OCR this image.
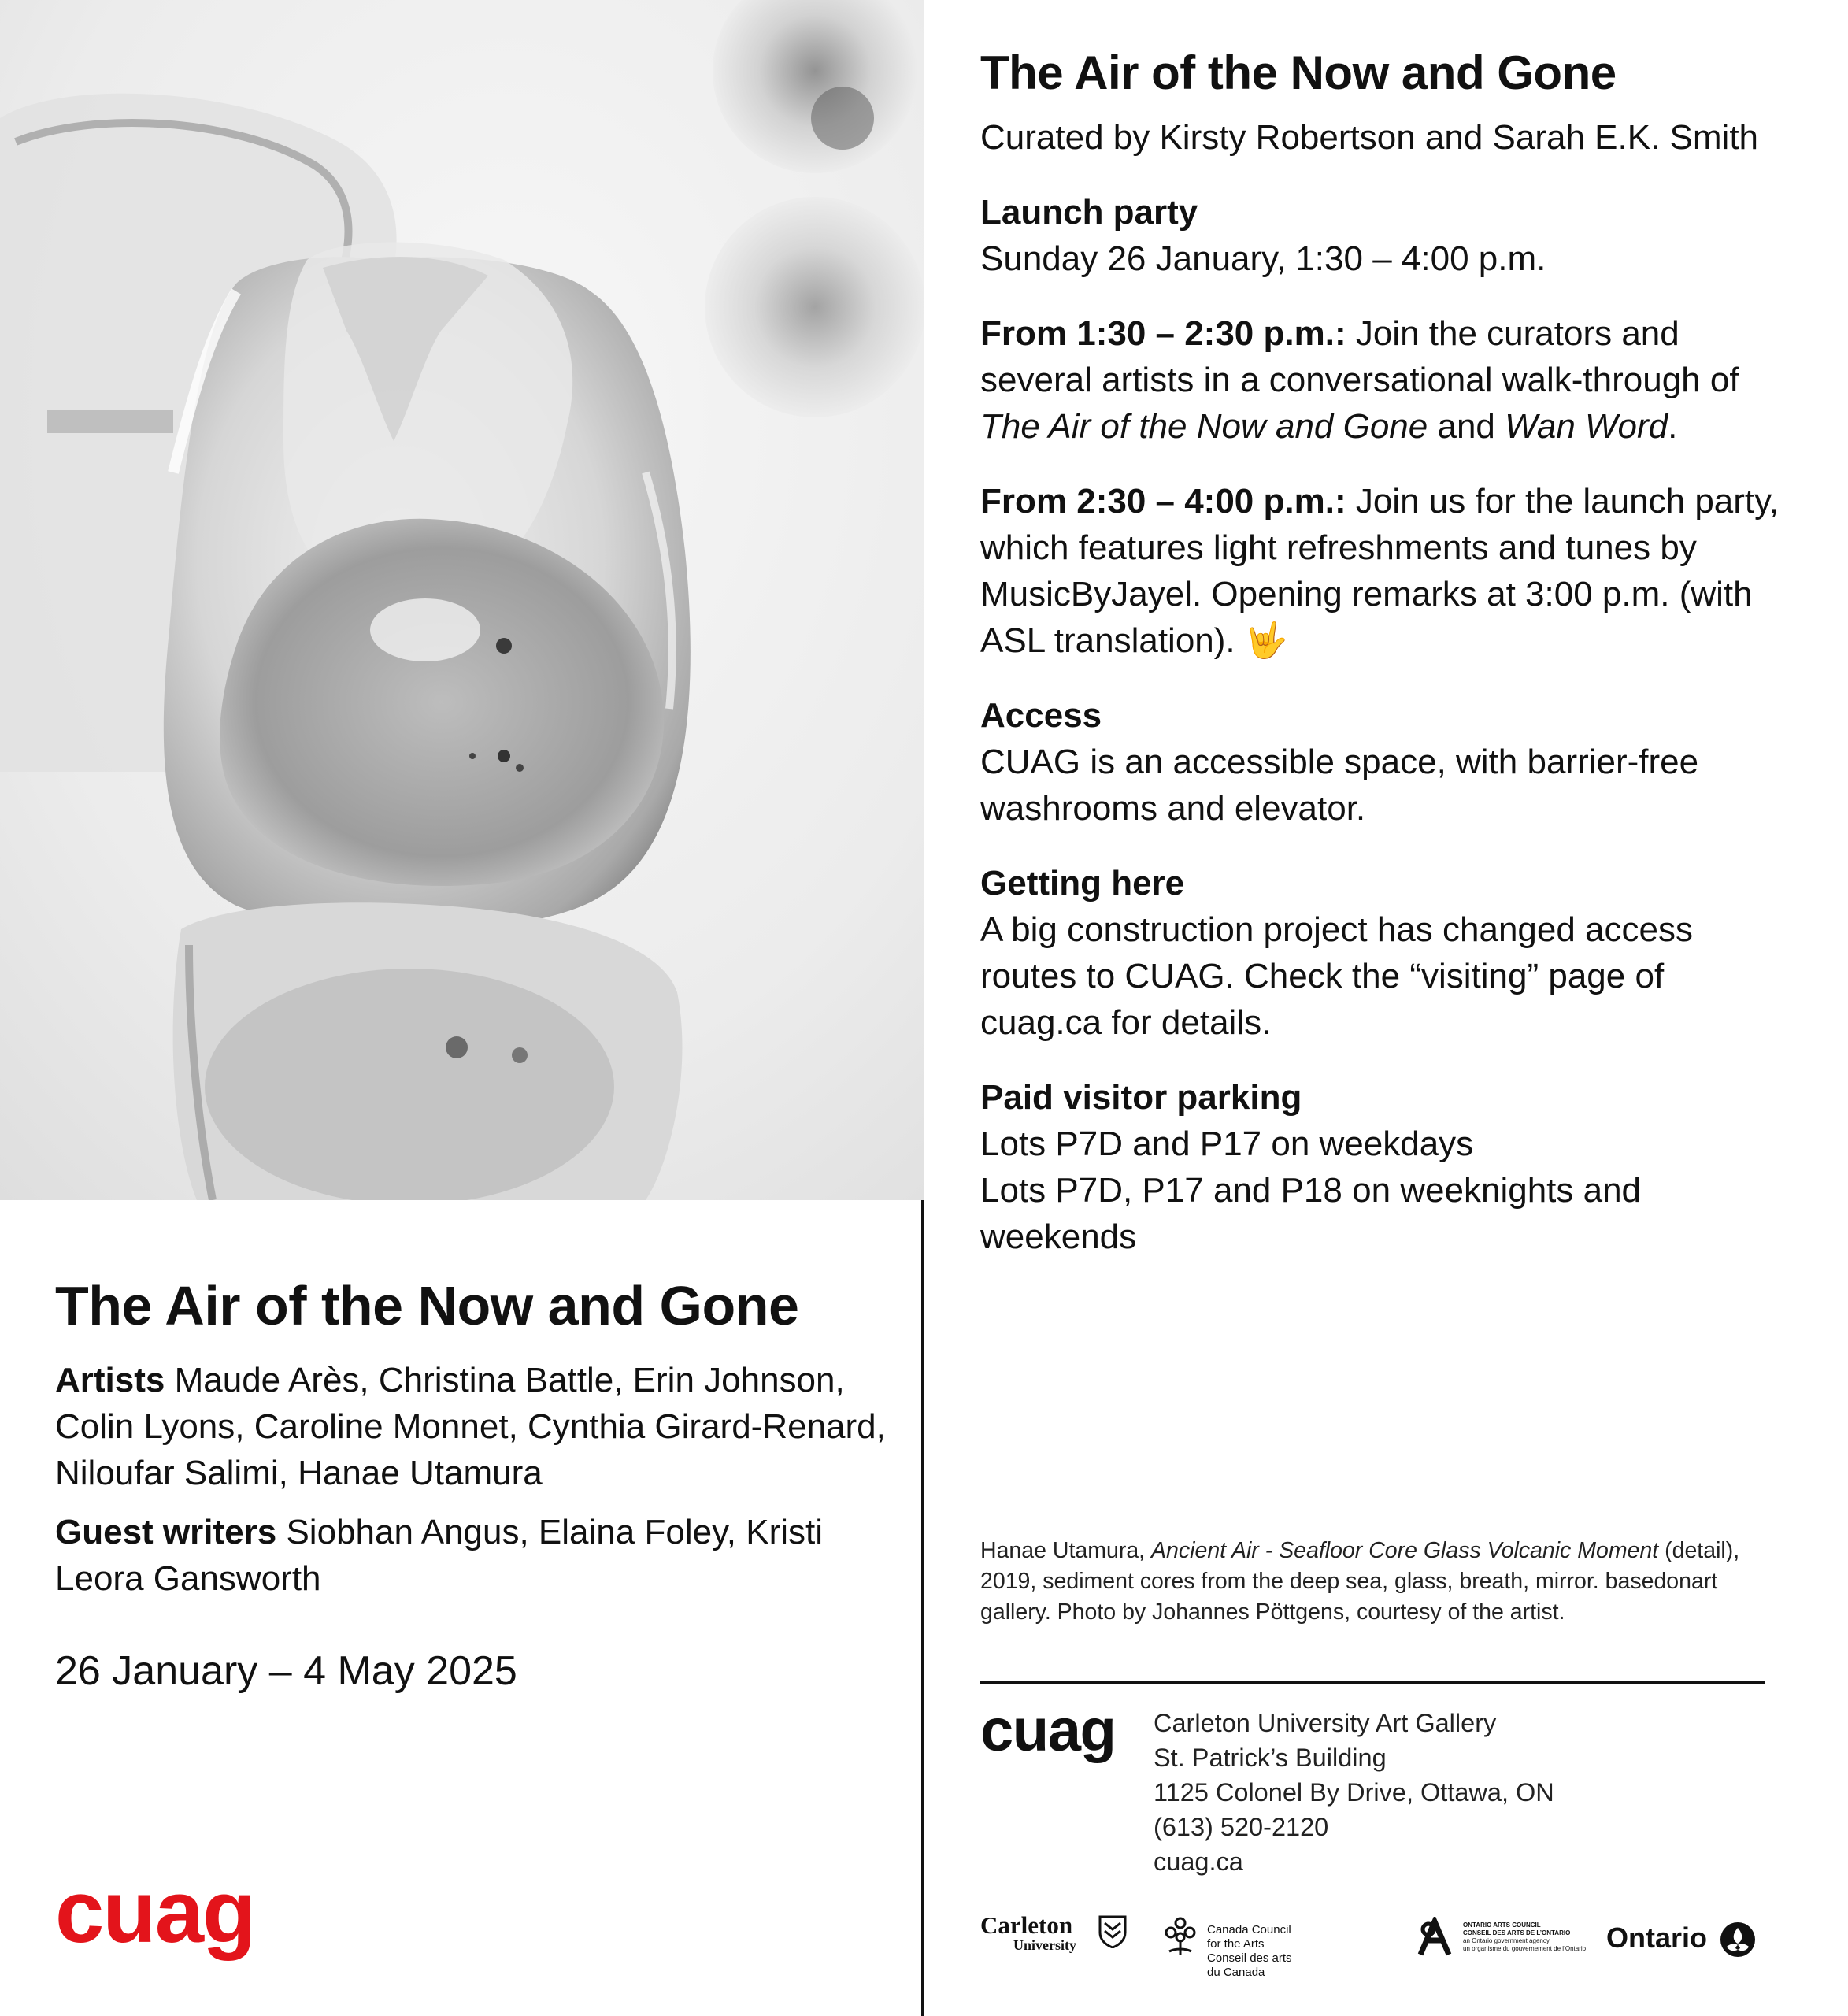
The Air of the Now and Gone

Artists Maude Arès, Christina Battle, Erin Johnson, Colin Lyons, Caroline Monnet, Cynthia Girard-Renard, Niloufar Salimi, Hanae Utamura

Guest writers Siobhan Angus, Elaina Foley, Kristi Leora Gansworth

26 January – 4 May 2025
cuag
The Air of the Now and Gone

Curated by Kirsty Robertson and Sarah E.K. Smith

Launch party
Sunday 26 January, 1:30 – 4:00 p.m.

From 1:30 – 2:30 p.m.: Join the curators and several artists in a conversational walk-through of The Air of the Now and Gone and Wan Word.

From 2:30 – 4:00 p.m.: Join us for the launch party, which features light refreshments and tunes by MusicByJayel. Opening remarks at 3:00 p.m. (with ASL translation). 🤟

Access
CUAG is an accessible space, with barrier-free washrooms and elevator.

Getting here
A big construction project has changed access routes to CUAG. Check the “visiting” page of cuag.ca for details.

Paid visitor parking
Lots P7D and P17 on weekdays
Lots P7D, P17 and P18 on weeknights and weekends

Hanae Utamura, Ancient Air - Seafloor Core Glass Volcanic Moment (detail), 2019, sediment cores from the deep sea, glass, breath, mirror. basedonart gallery. Photo by Johannes Pöttgens, courtesy of the artist.
cuag Carleton University Art Gallery
St. Patrick’s Building
1125 Colonel By Drive, Ottawa, ON
(613) 520-2120
cuag.ca
Carleton
University
Canada Council for the ArtsConseil des arts du Canada
ONTARIO ARTS COUNCIL
CONSEIL DES ARTS DE L’ONTARIO
an Ontario government agency
un organisme du gouvernement de l’Ontario Ontario
